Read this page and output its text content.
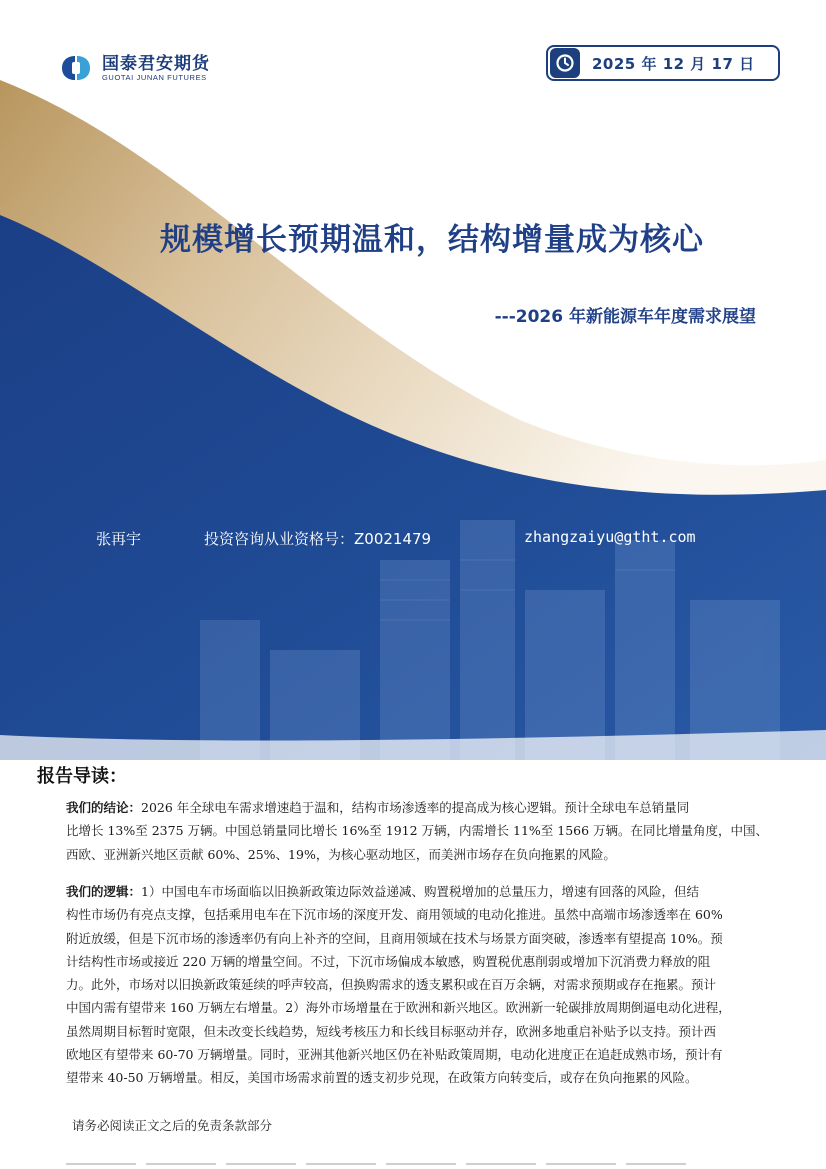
国泰君安期货
GUOTAI JUNAN FUTURES
2025 年 12 月 17 日
规模增长预期温和，结构增量成为核心
---2026 年新能源车年度需求展望
张再宇	投资咨询从业资格号：Z0021479	zhangzaiyu@gtht.com
报告导读：
我们的结论：2026 年全球电车需求增速趋于温和，结构市场渗透率的提高成为核心逻辑。预计全球电车总销量同
比增长 13%至 2375 万辆。中国总销量同比增长 16%至 1912 万辆，内需增长 11%至 1566 万辆。在同比增量角度，中国、
西欧、亚洲新兴地区贡献 60%、25%、19%，为核心驱动地区，而美洲市场存在负向拖累的风险。
我们的逻辑：1）中国电车市场面临以旧换新政策边际效益递减、购置税增加的总量压力，增速有回落的风险，但结
构性市场仍有亮点支撑，包括乘用电车在下沉市场的深度开发、商用领域的电动化推进。虽然中高端市场渗透率在 60%
附近放缓，但是下沉市场的渗透率仍有向上补齐的空间，且商用领域在技术与场景方面突破，渗透率有望提高 10%。预
计结构性市场或接近 220 万辆的增量空间。不过，下沉市场偏成本敏感，购置税优惠削弱或增加下沉消费力释放的阻
力。此外，市场对以旧换新政策延续的呼声较高，但换购需求的透支累积或在百万余辆，对需求预期或存在拖累。预计
中国内需有望带来 160 万辆左右增量。2）海外市场增量在于欧洲和新兴地区。欧洲新一轮碳排放周期倒逼电动化进程，
虽然周期目标暂时宽限，但未改变长线趋势，短线考核压力和长线目标驱动并存，欧洲多地重启补贴予以支持。预计西
欧地区有望带来 60-70 万辆增量。同时，亚洲其他新兴地区仍在补贴政策周期，电动化进度正在追赶成熟市场，预计有
望带来 40-50 万辆增量。相反，美国市场需求前置的透支初步兑现，在政策方向转变后，或存在负向拖累的风险。
请务必阅读正文之后的免责条款部分
